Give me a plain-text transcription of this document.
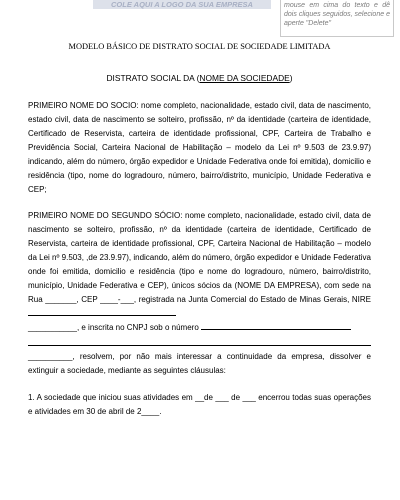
COLE AQUI A LOGO DA SUA EMPRESA	mouse em cima do texto e dê dois cliques seguidos, selecione e aperte "Delete"
MODELO BÁSICO DE DISTRATO SOCIAL DE SOCIEDADE LIMITADA
DISTRATO SOCIAL DA (NOME DA SOCIEDADE)

PRIMEIRO NOME DO SOCIO: nome completo, nacionalidade, estado civil, data de nascimento, estado civil, data de nascimento se solteiro, profissão, nº da identidade (carteira de identidade, Certificado de Reservista, carteira de identidade profissional, CPF, Carteira de Trabalho e Previdência Social, Carteira Nacional de Habilitação – modelo da Lei nº 9.503 de 23.9.97) indicando, além do número, órgão expedidor e Unidade Federativa onde foi emitida), domicilio e residência (tipo, nome do logradouro, número, bairro/distrito, município, Unidade Federativa e CEP;

PRIMEIRO NOME DO SEGUNDO SÓCIO: nome completo, nacionalidade, estado civil, data de nascimento se solteiro, profissão, nº da identidade (carteira de identidade, Certificado de Reservista, carteira de identidade profissional, CPF, Carteira Nacional de Habilitação – modelo da Lei nº 9.503, ,de 23.9.97), indicando, além do número, órgão expedidor e Unidade Federativa onde foi emitida, domicilio e residência (tipo e nome do logradouro, número, bairro/distrito, município, Unidade Federativa e CEP), únicos sócios da (NOME DA EMPRESA), com sede na Rua _______, CEP ____-___, registrada na Junta Comercial do Estado de Minas Gerais, NIRE

___________, e inscrita no CNPJ sob o número

__________, resolvem, por não mais interessar a continuidade da empresa, dissolver e extinguir a sociedade, mediante as seguintes cláusulas:

1. A sociedade que iniciou suas atividades em __de ___ de ___ encerrou todas suas operações e atividades em 30 de abril de 2____.
